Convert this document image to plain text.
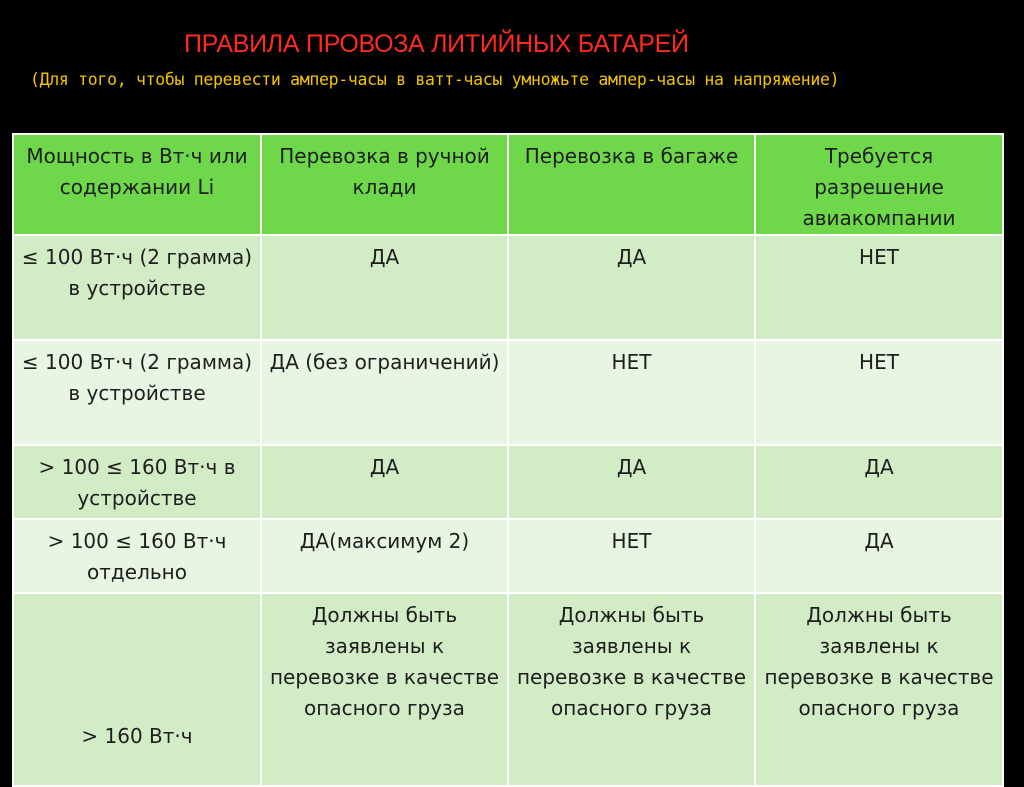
ПРАВИЛА ПРОВОЗА ЛИТИЙНЫХ БАТАРЕЙ
(Для того, чтобы перевести ампер-часы в ватт-часы умножьте ампер-часы на напряжение)
Мощность в Вт·ч или содержании Li	Перевозка в ручной клади	Перевозка в багаже	Требуется разрешение авиакомпании
≤ 100 Вт·ч (2 грамма) в устройстве	ДА	ДА	НЕТ
≤ 100 Вт·ч (2 грамма) в устройстве	ДА (без ограничений)	НЕТ	НЕТ
> 100 ≤ 160 Вт·ч в устройстве	ДА	ДА	ДА
> 100 ≤ 160 Вт·ч отдельно	ДА(максимум 2)	НЕТ	ДА
> 160 Вт·ч	Должны быть заявлены к перевозке в качестве опасного груза	Должны быть заявлены к перевозке в качестве опасного груза	Должны быть заявлены к перевозке в качестве опасного груза
